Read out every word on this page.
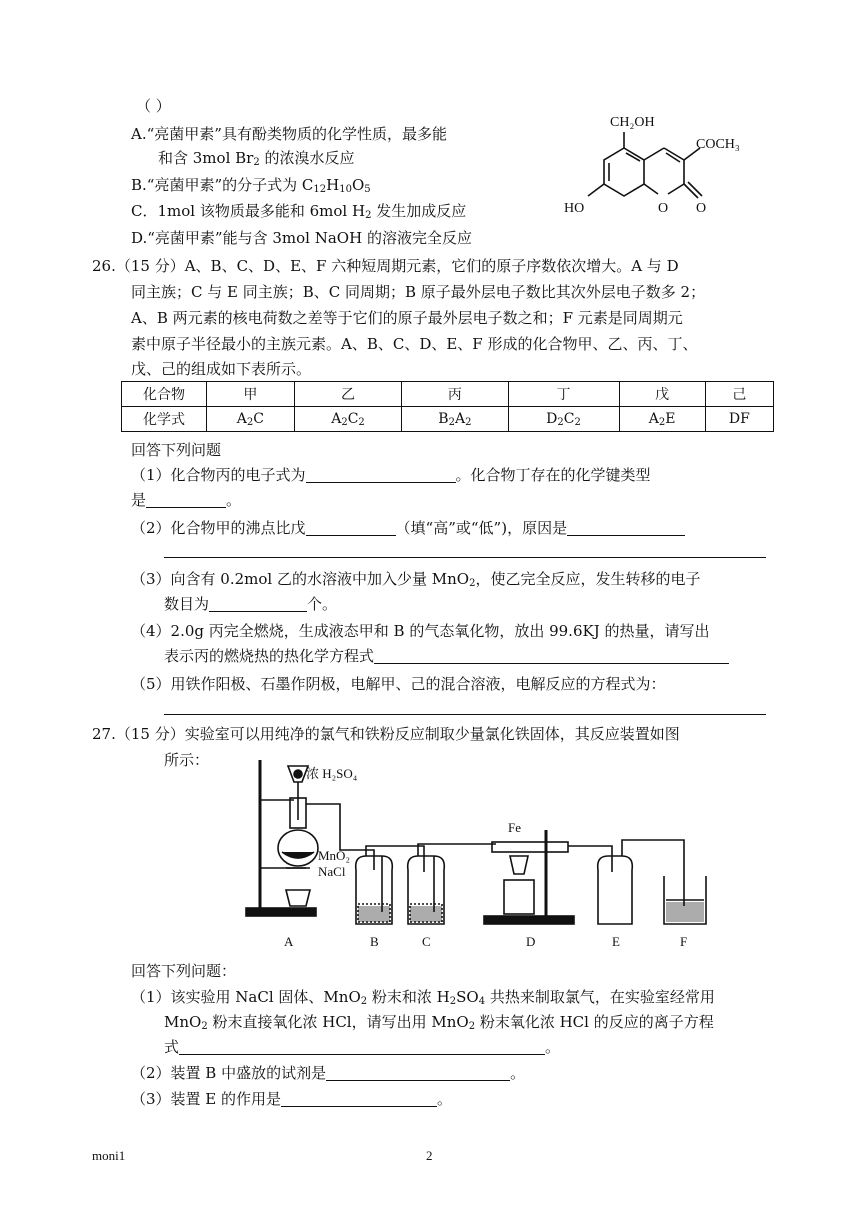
（ ）
A.“亮菌甲素”具有酚类物质的化学性质，最多能
和含 3mol Br2 的浓溴水反应
B.“亮菌甲素”的分子式为 C12H10O5
C．1mol 该物质最多能和 6mol H2 发生加成反应
D.“亮菌甲素”能与含 3mol NaOH 的溶液完全反应
CH₂OH
COCH₃
HO	O O
26.（15 分）A、B、C、D、E、F 六种短周期元素，它们的原子序数依次增大。A 与 D
同主族；C 与 E 同主族；B、C 同周期；B 原子最外层电子数比其次外层电子数多 2；
A、B 两元素的核电荷数之差等于它们的原子最外层电子数之和；F 元素是同周期元
素中原子半径最小的主族元素。A、B、C、D、E、F 形成的化合物甲、乙、丙、丁、
戊、己的组成如下表所示。
化合物	甲	乙	丙	丁	戊	己
化学式	A2C	A2C2	B2A2	D2C2	A2E	DF
回答下列问题
（1）化合物丙的电子式为	。化合物丁存在的化学键类型
是	。
（2）化合物甲的沸点比戊	（填“高”或“低”)，原因是
（3）向含有 0.2mol 乙的水溶液中加入少量 MnO2，使乙完全反应，发生转移的电子
数目为	个。
（4）2.0g 丙完全燃烧，生成液态甲和 B 的气态氧化物，放出 99.6KJ 的热量，请写出
表示丙的燃烧热的热化学方程式
（5）用铁作阳极、石墨作阴极，电解甲、己的混合溶液，电解反应的方程式为：
27.（15 分）实验室可以用纯净的氯气和铁粉反应制取少量氯化铁固体，其反应装置如图
所示：
浓 H₂SO₄
MnO₂
NaCl
Fe
A	B	C	D	E	F
回答下列问题：
（1）该实验用 NaCl 固体、MnO2 粉末和浓 H2SO4 共热来制取氯气，在实验室经常用
MnO2 粉末直接氧化浓 HCl，请写出用 MnO2 粉末氧化浓 HCl 的反应的离子方程
式	。
（2）装置 B 中盛放的试剂是	。
（3）装置 E 的作用是	。
moni1	2
